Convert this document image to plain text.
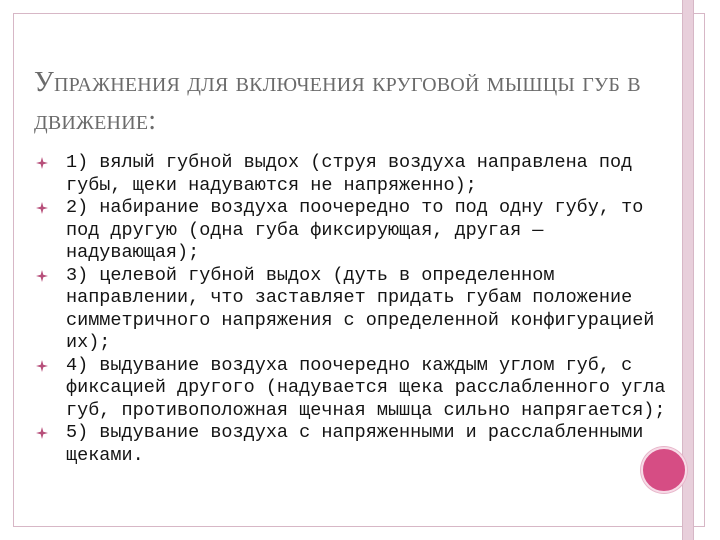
Упражнения для включения круговой мышцы губ в движение:
1) вялый губной выдох (струя воздуха направлена под губы, щеки надуваются не напряженно);
2) набирание воздуха поочередно то под одну губу, то под другую (одна губа фиксирующая, другая — надувающая);
3) целевой губной выдох (дуть в определенном направлении, что заставляет придать губам положение симметричного напряжения с определенной конфигурацией их);
4) выдувание воздуха поочередно каждым углом губ, с фиксацией другого (надувается щека расслабленного угла губ, противоположная щечная мышца сильно напрягается);
5) выдувание воздуха с напряженными и расслабленными щеками.
